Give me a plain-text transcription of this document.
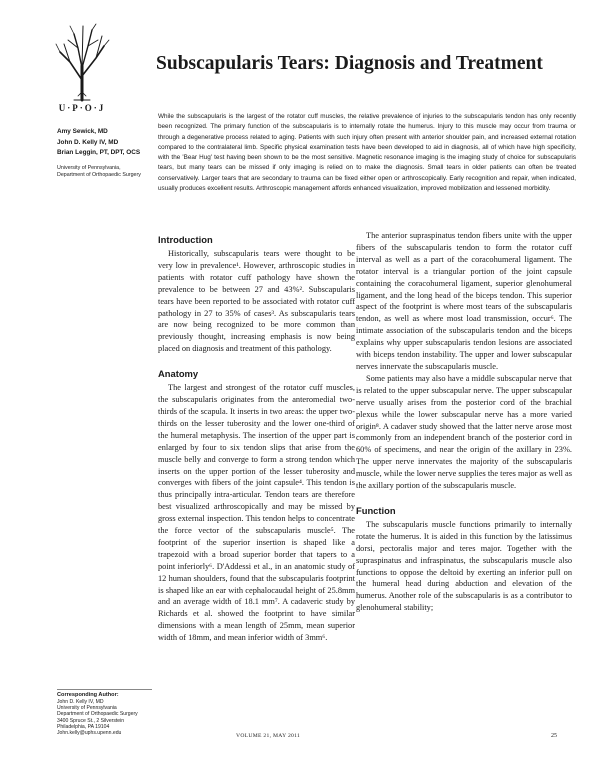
U·P·O·J
Subscapularis Tears: Diagnosis and Treatment
Amy Sewick, MD
John D. Kelly IV, MD
Brian Leggin, PT, DPT, OCS
University of Pennsylvania,
Department of Orthopaedic Surgery

While the subscapularis is the largest of the rotator cuff muscles, the relative prevalence of injuries to the subscapularis tendon has only recently been recognized. The primary function of the subscapularis is to internally rotate the humerus. Injury to this muscle may occur from trauma or through a degenerative process related to aging. Patients with such injury often present with anterior shoulder pain, and increased external rotation compared to the contralateral limb. Specific physical examination tests have been developed to aid in diagnosis, all of which have high specificity, with the 'Bear Hug' test having been shown to be the most sensitive. Magnetic resonance imaging is the imaging study of choice for subscapularis tears, but many tears can be missed if only imaging is relied on to make the diagnosis. Small tears in older patients can often be treated conservatively. Larger tears that are secondary to trauma can be fixed either open or arthroscopically. Early recognition and repair, when indicated, usually produces excellent results. Arthroscopic management affords enhanced visualization, improved mobilization and lessened morbidity.

Introduction

Historically, subscapularis tears were thought to be very low in prevalence¹. However, arthroscopic studies in patients with rotator cuff pathology have shown the prevalence to be between 27 and 43%². Subscapularis tears have been reported to be associated with rotator cuff pathology in 27 to 35% of cases³. As subscapularis tears are now being recognized to be more common than previously thought, increasing emphasis is now being placed on diagnosis and treatment of this pathology.

Anatomy

The largest and strongest of the rotator cuff muscles, the subscapularis originates from the anteromedial two-thirds of the scapula. It inserts in two areas: the upper two-thirds on the lesser tuberosity and the lower one-third of the humeral metaphysis. The insertion of the upper part is enlarged by four to six tendon slips that arise from the muscle belly and converge to form a strong tendon which inserts on the upper portion of the lesser tuberosity and converges with fibers of the joint capsule⁴. This tendon is thus principally intra-articular. Tendon tears are therefore best visualized arthroscopically and may be missed by gross external inspection. This tendon helps to concentrate the force vector of the subscapularis muscle⁵. The footprint of the superior insertion is shaped like a trapezoid with a broad superior border that tapers to a point inferiorly⁶. D'Addessi et al., in an anatomic study of 12 human shoulders, found that the subscapularis footprint is shaped like an ear with cephalocaudal height of 25.8mm and an average width of 18.1 mm⁷. A cadaveric study by Richards et al. showed the footprint to have similar dimensions with a mean length of 25mm, mean superior width of 18mm, and mean inferior width of 3mm⁶.

The anterior supraspinatus tendon fibers unite with the upper fibers of the subscapularis tendon to form the rotator cuff interval as well as a part of the coracohumeral ligament. The rotator interval is a triangular portion of the joint capsule containing the coracohumeral ligament, superior glenohumeral ligament, and the long head of the biceps tendon. This superior aspect of the footprint is where most tears of the subscapularis tendon, as well as where most load transmission, occur⁶. The intimate association of the subscapularis tendon and the biceps explains why upper subscapularis tendon lesions are associated with biceps tendon instability. The upper and lower subscapular nerves innervate the subscapularis muscle.

Some patients may also have a middle subscapular nerve that is related to the upper subscapular nerve. The upper subscapular nerve usually arises from the posterior cord of the brachial plexus while the lower subscapular nerve has a more varied origin⁸. A cadaver study showed that the latter nerve arose most commonly from an independent branch of the posterior cord in 60% of specimens, and near the origin of the axillary in 23%. The upper nerve innervates the majority of the subscapularis muscle, while the lower nerve supplies the teres major as well as the axillary portion of the subscapularis muscle.

Function

The subscapularis muscle functions primarily to internally rotate the humerus. It is aided in this function by the latissimus dorsi, pectoralis major and teres major. Together with the supraspinatus and infraspinatus, the subscapularis muscle also functions to oppose the deltoid by exerting an inferior pull on the humeral head during abduction and elevation of the humerus. Another role of the subscapularis is as a contributor to glenohumeral stability;

Corresponding Author:
John D. Kelly IV, MD
University of Pennsylvania
Department of Orthopaedic Surgery
3400 Spruce St., 2 Silverstein
Philadelphia, PA 19104
John.kelly@uphs.upenn.edu	VOLUME 21, MAY 2011	25
